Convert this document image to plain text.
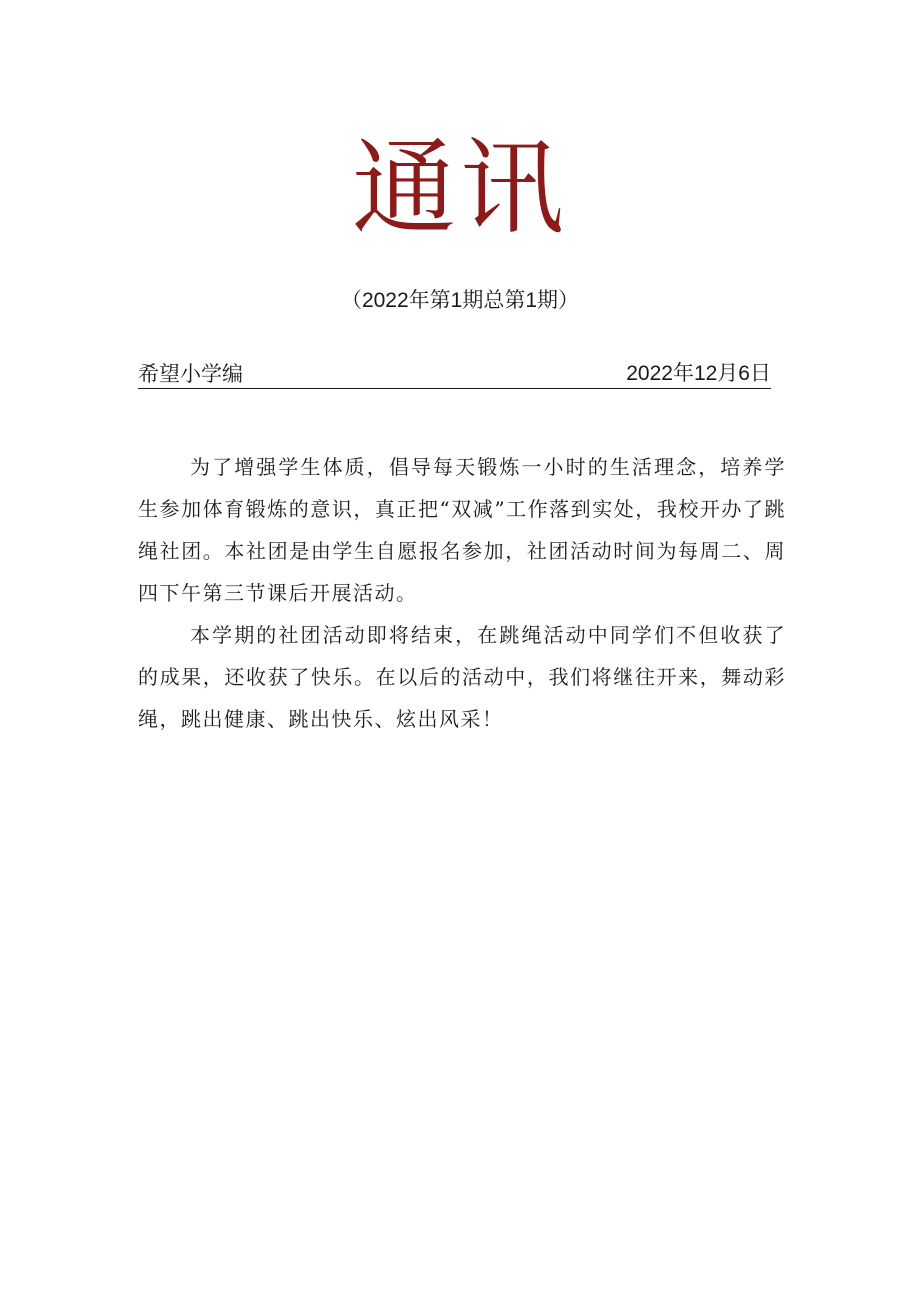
通讯
（2022年第1期总第1期）
希望小学编	2022年12月6日

为了增强学生体质，倡导每天锻炼一小时的生活理念，培养学生参加体育锻炼的意识，真正把“双减”工作落到实处，我校开办了跳绳社团。本社团是由学生自愿报名参加，社团活动时间为每周二、周四下午第三节课后开展活动。

本学期的社团活动即将结束，在跳绳活动中同学们不但收获了的成果，还收获了快乐。在以后的活动中，我们将继往开来，舞动彩绳，跳出健康、跳出快乐、炫出风采！
